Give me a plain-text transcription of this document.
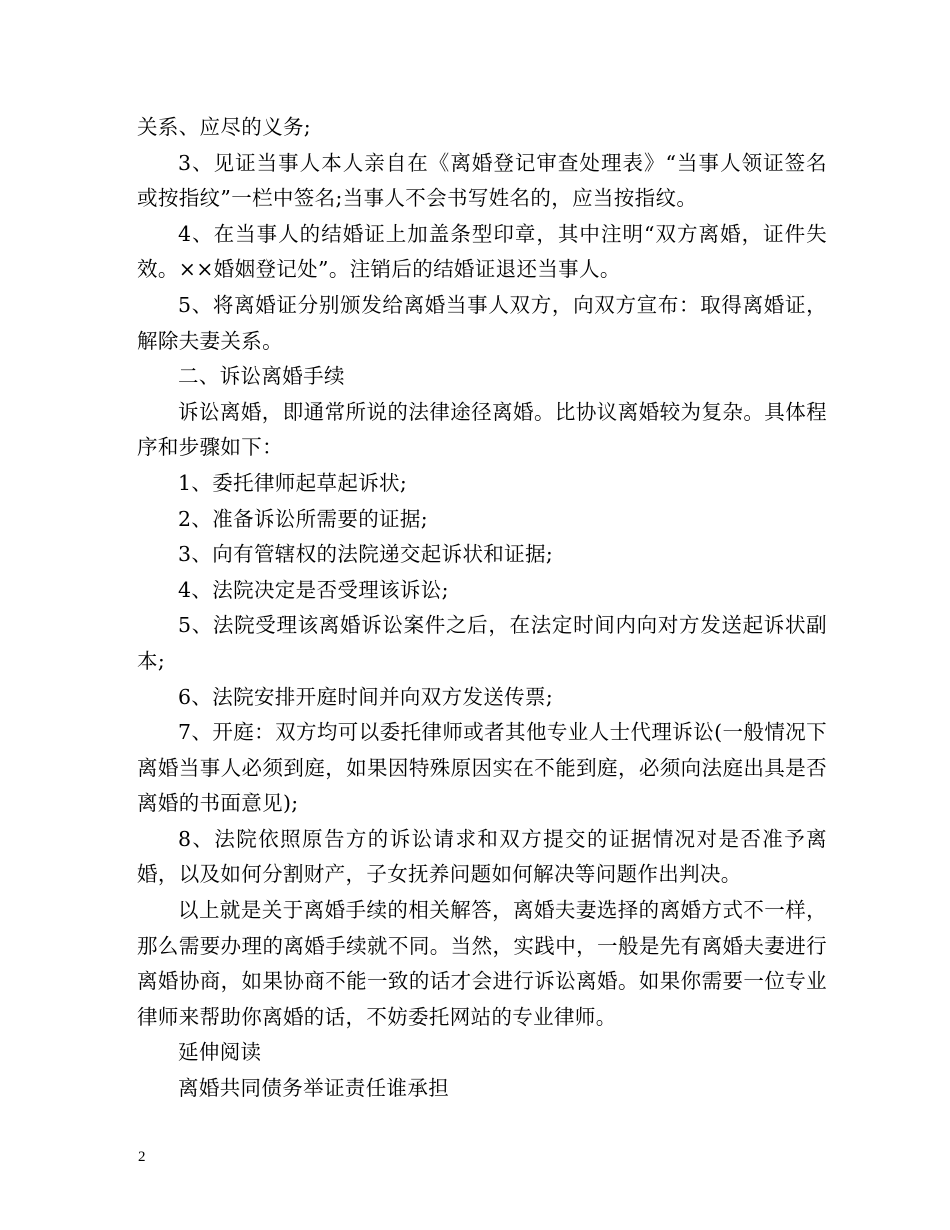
关系、应尽的义务;

3、见证当事人本人亲自在《离婚登记审查处理表》“当事人领证签名或按指纹”一栏中签名;当事人不会书写姓名的，应当按指纹。

4、在当事人的结婚证上加盖条型印章，其中注明“双方离婚，证件失效。××婚姻登记处”。注销后的结婚证退还当事人。

5、将离婚证分别颁发给离婚当事人双方，向双方宣布：取得离婚证，解除夫妻关系。

二、诉讼离婚手续

诉讼离婚，即通常所说的法律途径离婚。比协议离婚较为复杂。具体程序和步骤如下：

1、委托律师起草起诉状;

2、准备诉讼所需要的证据;

3、向有管辖权的法院递交起诉状和证据;

4、法院决定是否受理该诉讼;

5、法院受理该离婚诉讼案件之后，在法定时间内向对方发送起诉状副本;

6、法院安排开庭时间并向双方发送传票;

7、开庭：双方均可以委托律师或者其他专业人士代理诉讼(一般情况下离婚当事人必须到庭，如果因特殊原因实在不能到庭，必须向法庭出具是否离婚的书面意见);

8、法院依照原告方的诉讼请求和双方提交的证据情况对是否准予离婚，以及如何分割财产，子女抚养问题如何解决等问题作出判决。

以上就是关于离婚手续的相关解答，离婚夫妻选择的离婚方式不一样，那么需要办理的离婚手续就不同。当然，实践中，一般是先有离婚夫妻进行离婚协商，如果协商不能一致的话才会进行诉讼离婚。如果你需要一位专业律师来帮助你离婚的话，不妨委托网站的专业律师。

延伸阅读

离婚共同债务举证责任谁承担

2
